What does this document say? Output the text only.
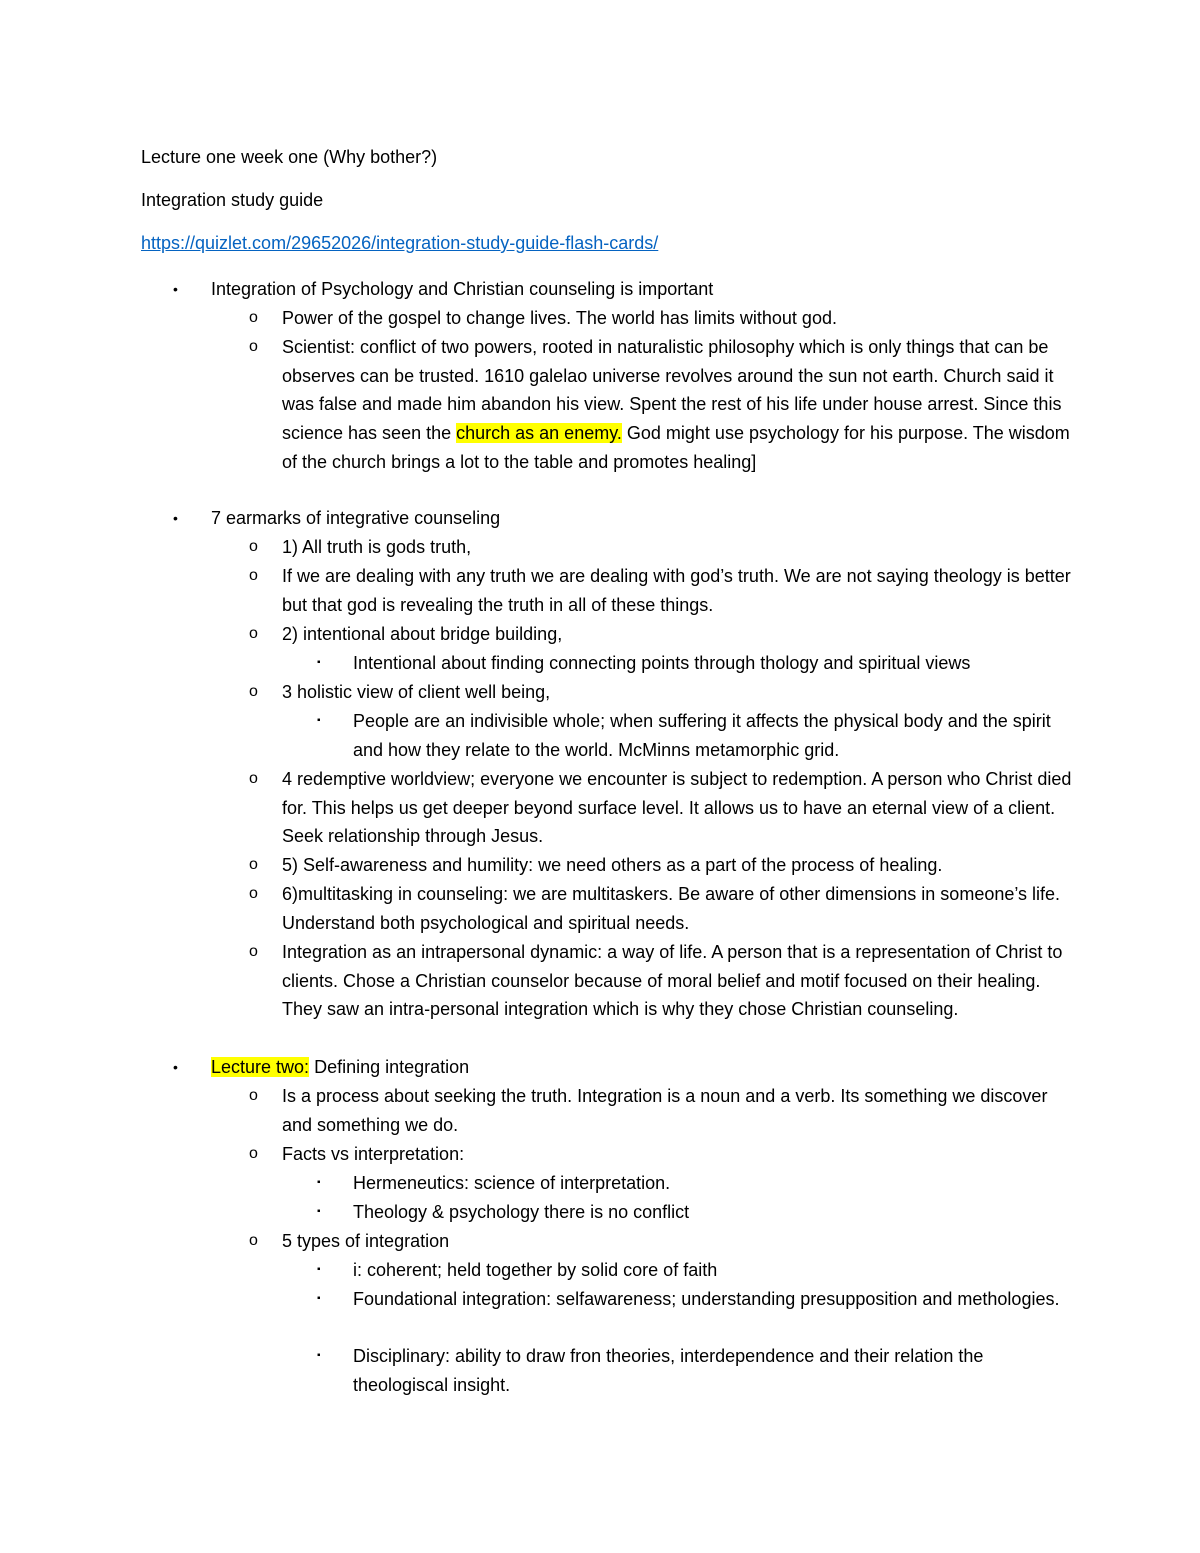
Lecture one week one (Why bother?)
Integration study guide
https://quizlet.com/29652026/integration-study-guide-flash-cards/
• Integration of Psychology and Christian counseling is important
o Power of the gospel to change lives. The world has limits without god.
o Scientist: conflict of two powers, rooted in naturalistic philosophy which is only things that can be observes can be trusted. 1610 galelao universe revolves around the sun not earth. Church said it was false and made him abandon his view. Spent the rest of his life under house arrest. Since this science has seen the church as an enemy. God might use psychology for his purpose. The wisdom of the church brings a lot to the table and promotes healing]
• 7 earmarks of integrative counseling
o 1) All truth is gods truth,
o If we are dealing with any truth we are dealing with god’s truth. We are not saying theology is better but that god is revealing the truth in all of these things.
o 2) intentional about bridge building,
▪ Intentional about finding connecting points through thology and spiritual views
o 3 holistic view of client well being,
▪ People are an indivisible whole; when suffering it affects the physical body and the spirit and how they relate to the world. McMinns metamorphic grid.
o 4 redemptive worldview; everyone we encounter is subject to redemption. A person who Christ died for. This helps us get deeper beyond surface level. It allows us to have an eternal view of a client. Seek relationship through Jesus.
o 5) Self-awareness and humility: we need others as a part of the process of healing.
o 6)multitasking in counseling: we are multitaskers. Be aware of other dimensions in someone’s life. Understand both psychological and spiritual needs.
o Integration as an intrapersonal dynamic: a way of life. A person that is a representation of Christ to clients. Chose a Christian counselor because of moral belief and motif focused on their healing. They saw an intra-personal integration which is why they chose Christian counseling.
• Lecture two: Defining integration
o Is a process about seeking the truth. Integration is a noun and a verb. Its something we discover and something we do.
o Facts vs interpretation:
▪ Hermeneutics: science of interpretation.
▪ Theology & psychology there is no conflict
o 5 types of integration
▪ i: coherent; held together by solid core of faith
▪ Foundational integration: selfawareness; understanding presupposition and methologies.
▪ Disciplinary: ability to draw fron theories, interdependence and their relation the theologiscal insight.
